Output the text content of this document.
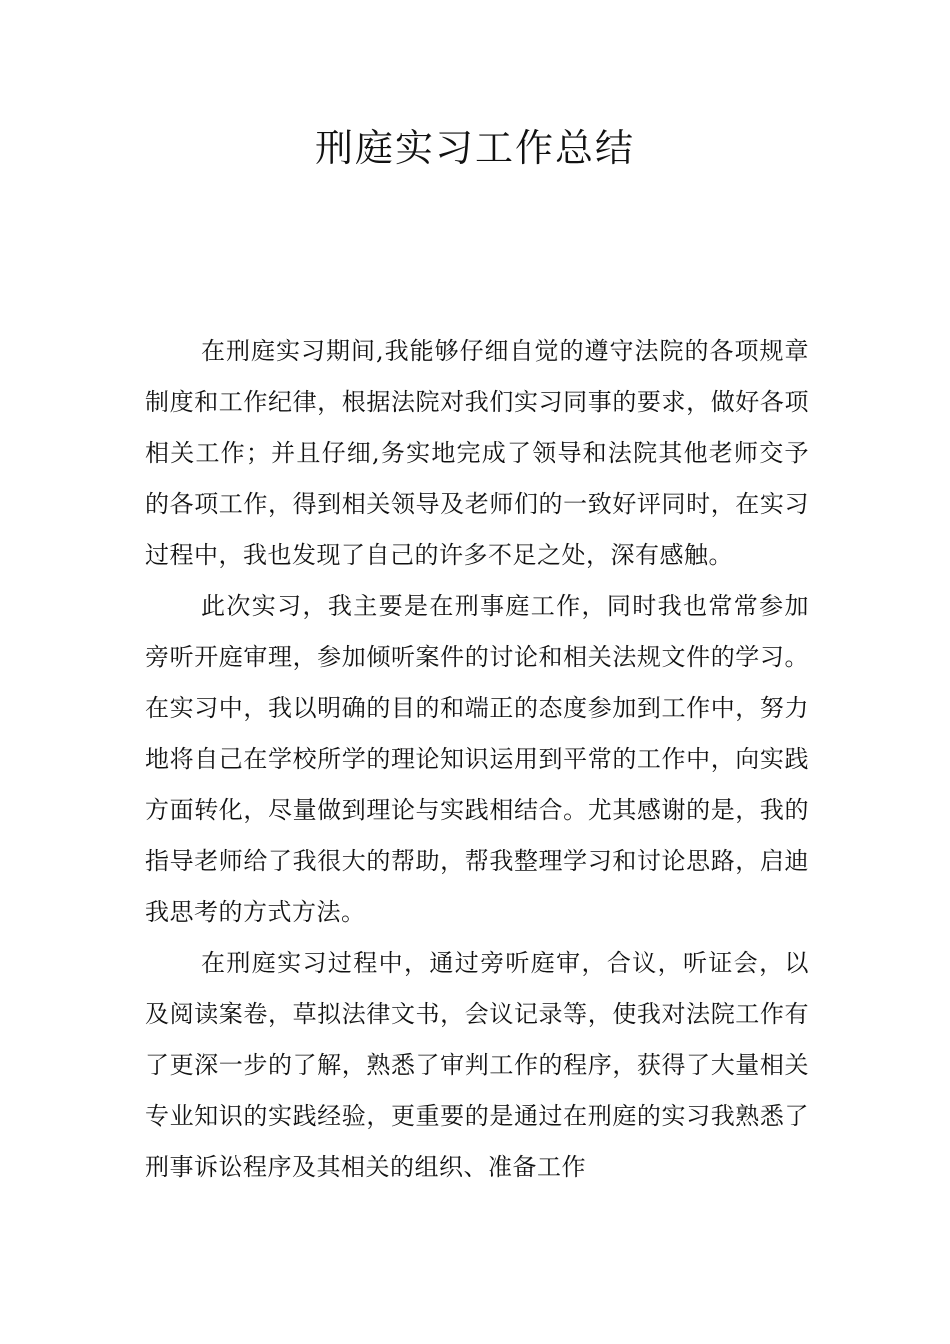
刑庭实习工作总结

在刑庭实习期间,我能够仔细自觉的遵守法院的各项规章制度和工作纪律，根据法院对我们实习同事的要求，做好各项相关工作；并且仔细,务实地完成了领导和法院其他老师交予的各项工作，得到相关领导及老师们的一致好评同时，在实习过程中，我也发现了自己的许多不足之处，深有感触。

此次实习，我主要是在刑事庭工作，同时我也常常参加旁听开庭审理，参加倾听案件的讨论和相关法规文件的学习。在实习中，我以明确的目的和端正的态度参加到工作中，努力地将自己在学校所学的理论知识运用到平常的工作中，向实践方面转化，尽量做到理论与实践相结合。尤其感谢的是，我的指导老师给了我很大的帮助，帮我整理学习和讨论思路，启迪我思考的方式方法。

在刑庭实习过程中，通过旁听庭审，合议，听证会，以及阅读案卷，草拟法律文书，会议记录等，使我对法院工作有了更深一步的了解，熟悉了审判工作的程序，获得了大量相关专业知识的实践经验，更重要的是通过在刑庭的实习我熟悉了刑事诉讼程序及其相关的组织、准备工作
